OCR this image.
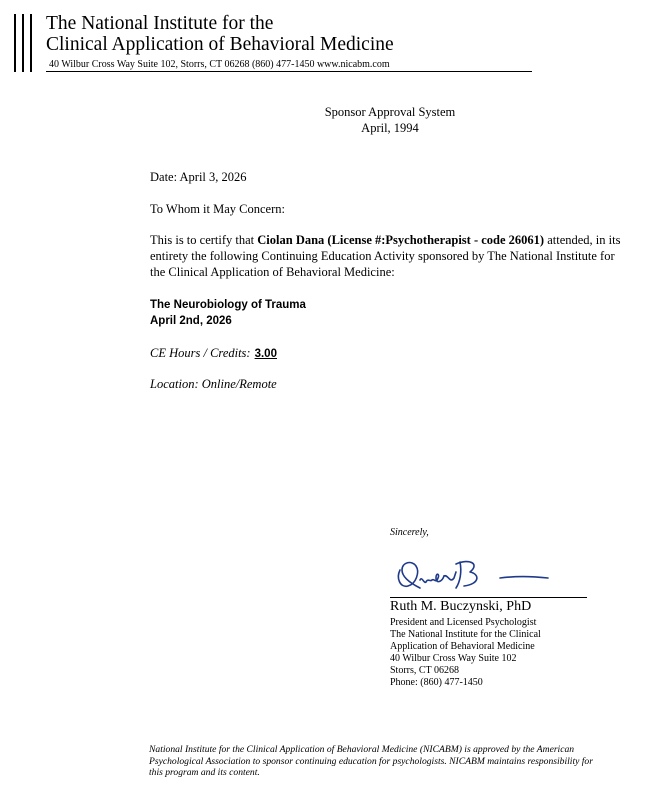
The National Institute for the
Clinical Application of Behavioral Medicine
40 Wilbur Cross Way Suite 102, Storrs, CT 06268 (860) 477-1450 www.nicabm.com
Sponsor Approval System
April, 1994
Date: April 3, 2026
To Whom it May Concern:
This is to certify that Ciolan Dana (License #:Psychotherapist - code 26061) attended, in its entirety the following Continuing Education Activity sponsored by The National Institute for the Clinical Application of Behavioral Medicine:
The Neurobiology of Trauma
April 2nd, 2026
CE Hours / Credits: 3.00
Location: Online/Remote
Sincerely,
Ruth M. Buczynski, PhD
President and Licensed Psychologist
The National Institute for the Clinical
Application of Behavioral Medicine
40 Wilbur Cross Way Suite 102
Storrs, CT 06268
Phone: (860) 477-1450
National Institute for the Clinical Application of Behavioral Medicine (NICABM) is approved by the American Psychological Association to sponsor continuing education for psychologists. NICABM maintains responsibility for this program and its content.
